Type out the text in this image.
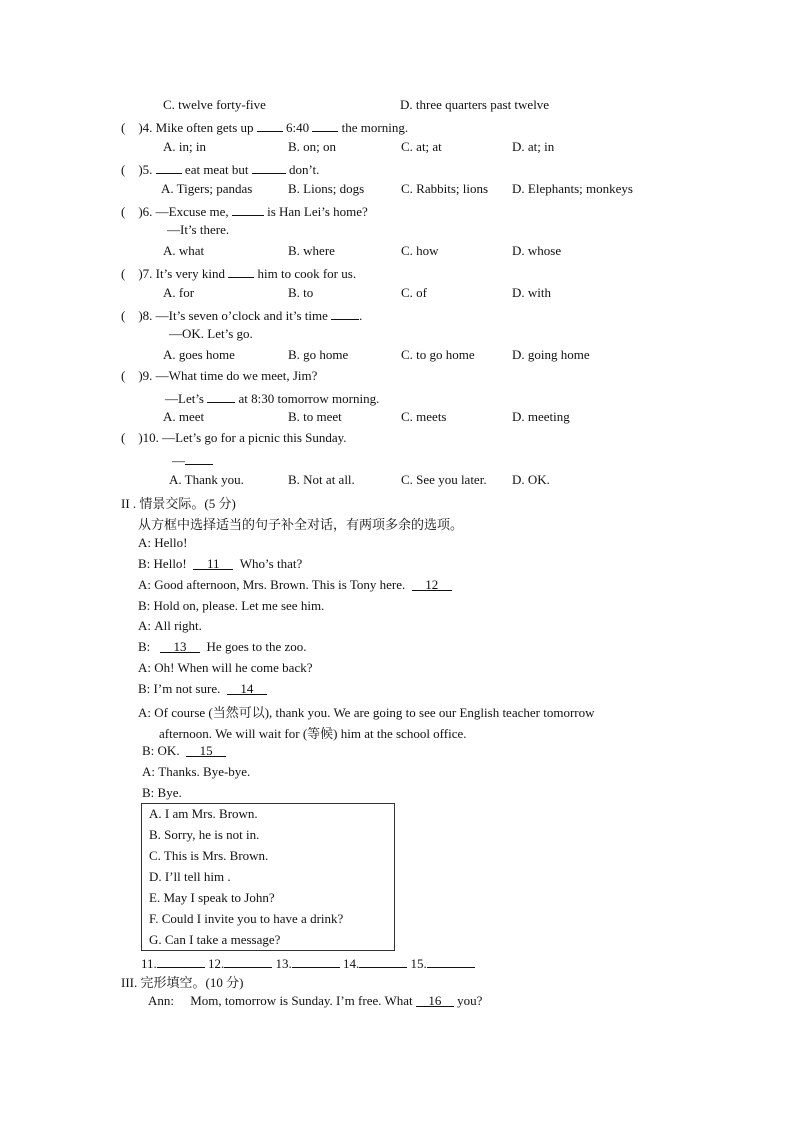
C. twelve forty-five	D. three quarters past twelve
(    )4. Mike often gets up	6:40	the morning.
A. in; in	B. on; on	C. at; at	D. at; in
(    )5.	eat meat but	don’t.
A. Tigers; pandas	B. Lions; dogs	C. Rabbits; lions D. Elephants; monkeys
(    )6. —Excuse me,	is Han Lei’s home?
—It’s there.
A. what	B. where	C. how	D. whose
(    )7. It’s very kind	him to cook for us.
A. for	B. to	C. of	D. with
(    )8. —It’s seven o’clock and it’s time .
—OK. Let’s go.
A. goes home	B. go home	C. to go home	D. going home
(    )9. —What time do we meet, Jim?
—Let’s	at 8:30 tomorrow morning.
A. meet	B. to meet	C. meets	D. meeting
(    )10. —Let’s go for a picnic this Sunday.
—
A. Thank you.	B. Not at all.	C. See you later. D. OK.
II . 情景交际。(5 分)
从方框中选择适当的句子补全对话，有两项多余的选项。
A: Hello!
B: Hello! 11 Who’s that?
A: Good afternoon, Mrs. Brown. This is Tony here. 12
B: Hold on, please. Let me see him.
A: All right.
B: 13 He goes to the zoo.
A: Oh! When will he come back?
B: I’m not sure. 14
A: Of course (当然可以), thank you. We are going to see our English teacher tomorrow
afternoon. We will wait for (等候) him at the school office.
B: OK. 15
A: Thanks. Bye-bye.
B: Bye.
A. I am Mrs. Brown.
B. Sorry, he is not in.
C. This is Mrs. Brown.
D. I’ll tell him .
E. May I speak to John?
F. Could I invite you to have a drink?
G. Can I take a message?
11.	12.	13.	14.	15.
III. 完形填空。(10 分)
Ann: Mom, tomorrow is Sunday. I’m free. What 16 you?
